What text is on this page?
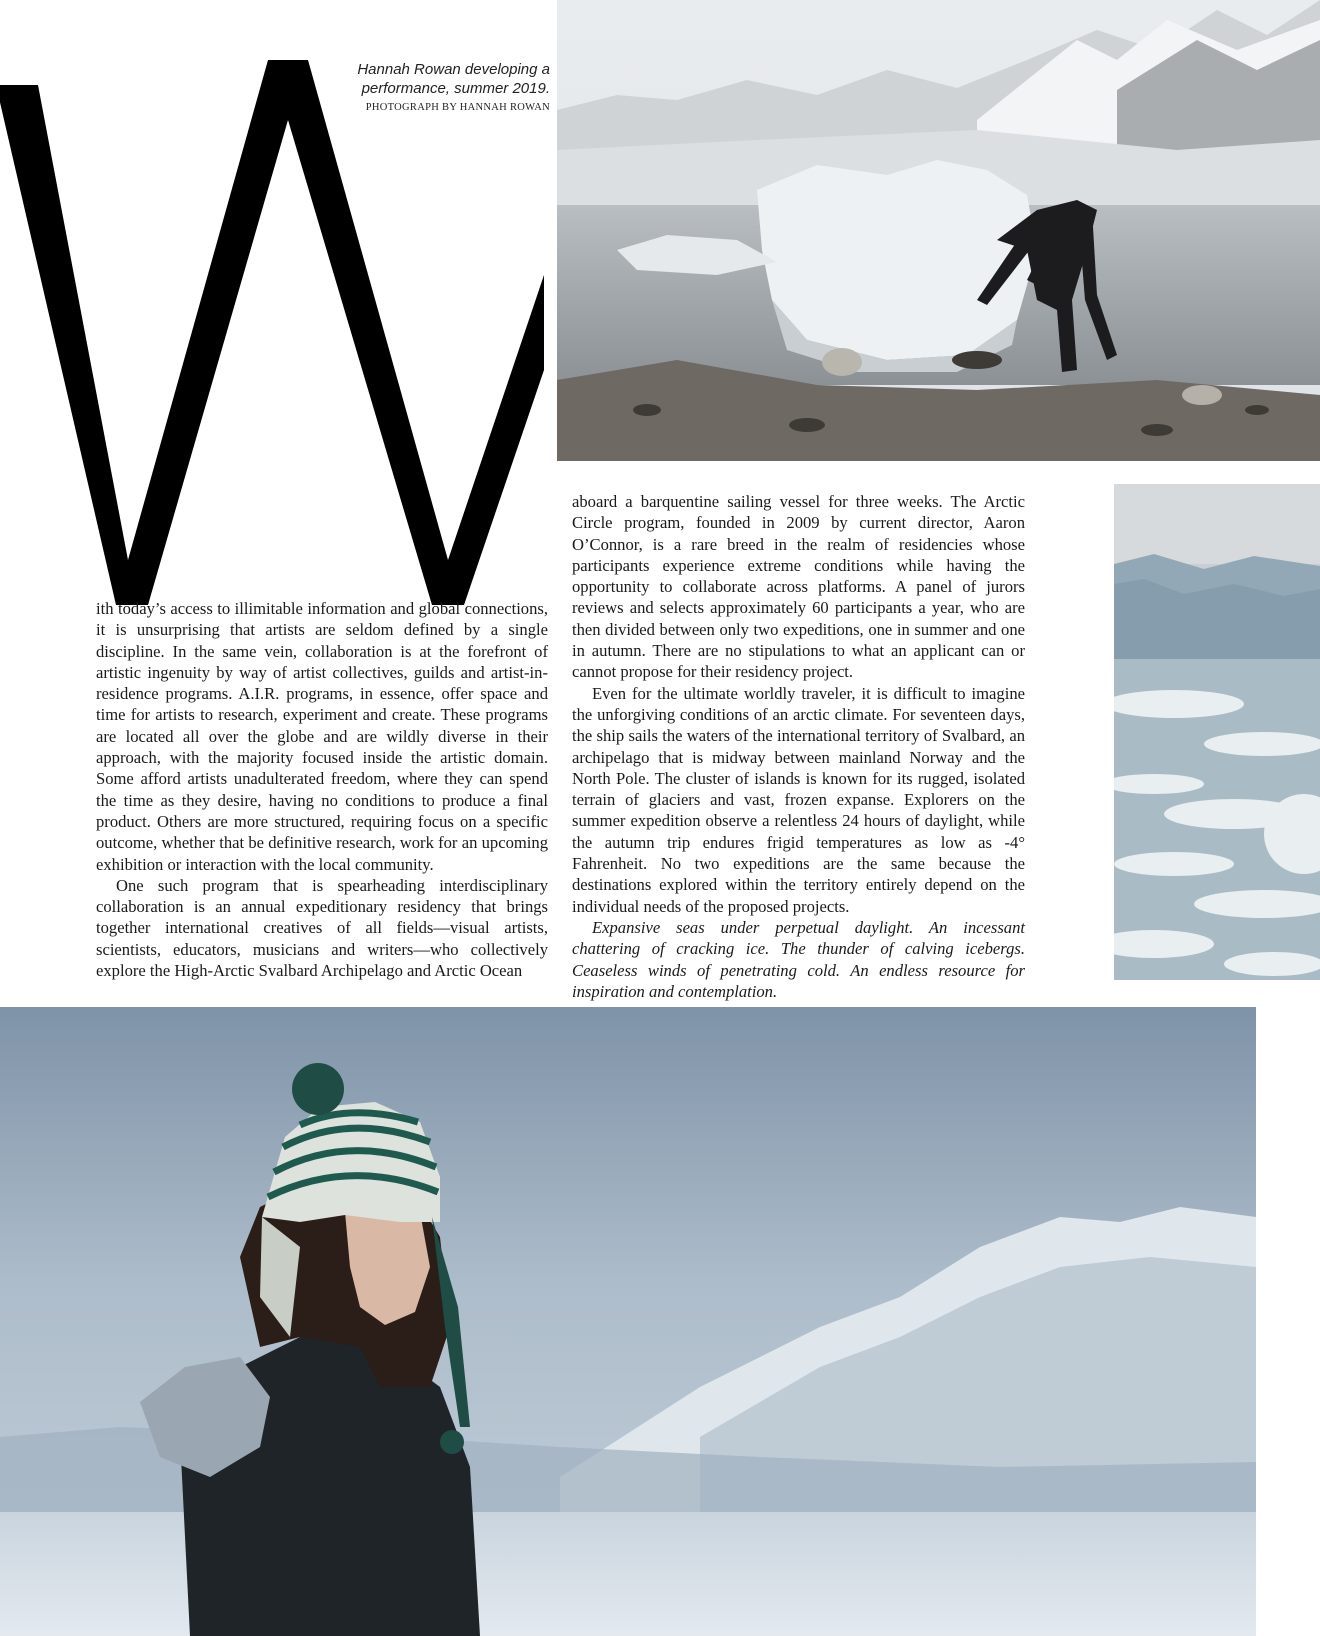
Hannah Rowan developing a performance, summer 2019.
PHOTOGRAPH BY HANNAH ROWAN

ith today’s access to illimitable information and global connections, it is unsurprising that artists are seldom defined by a single discipline. In the same vein, collaboration is at the forefront of artistic ingenuity by way of artist collectives, guilds and artist-in-residence programs. A.I.R. programs, in essence, offer space and time for artists to research, experiment and create. These programs are located all over the globe and are wildly diverse in their approach, with the majority focused inside the artistic domain. Some afford artists unadulterated freedom, where they can spend the time as they desire, having no conditions to produce a final product. Others are more structured, requiring focus on a specific outcome, whether that be definitive research, work for an upcoming exhibition or interaction with the local community.

One such program that is spearheading interdisciplinary collaboration is an annual expeditionary residency that brings together international creatives of all fields—visual artists, scientists, educators, musicians and writers—who collectively explore the High-Arctic Svalbard Archipelago and Arctic Ocean

aboard a barquentine sailing vessel for three weeks. The Arctic Circle program, founded in 2009 by current director, Aaron O’Connor, is a rare breed in the realm of residencies whose participants experience extreme conditions while having the opportunity to collaborate across platforms. A panel of jurors reviews and selects approximately 60 participants a year, who are then divided between only two expeditions, one in summer and one in autumn. There are no stipulations to what an applicant can or cannot propose for their residency project.

Even for the ultimate worldly traveler, it is difficult to imagine the unforgiving conditions of an arctic climate. For seventeen days, the ship sails the waters of the international territory of Svalbard, an archipelago that is midway between mainland Norway and the North Pole. The cluster of islands is known for its rugged, isolated terrain of glaciers and vast, frozen expanse. Explorers on the summer expedition observe a relentless 24 hours of daylight, while the autumn trip endures frigid temperatures as low as -4° Fahrenheit. No two expeditions are the same because the destinations explored within the territory entirely depend on the individual needs of the proposed projects.

Expansive seas under perpetual daylight. An incessant chattering of cracking ice. The thunder of calving icebergs. Ceaseless winds of penetrating cold. An endless resource for inspiration and contemplation.
